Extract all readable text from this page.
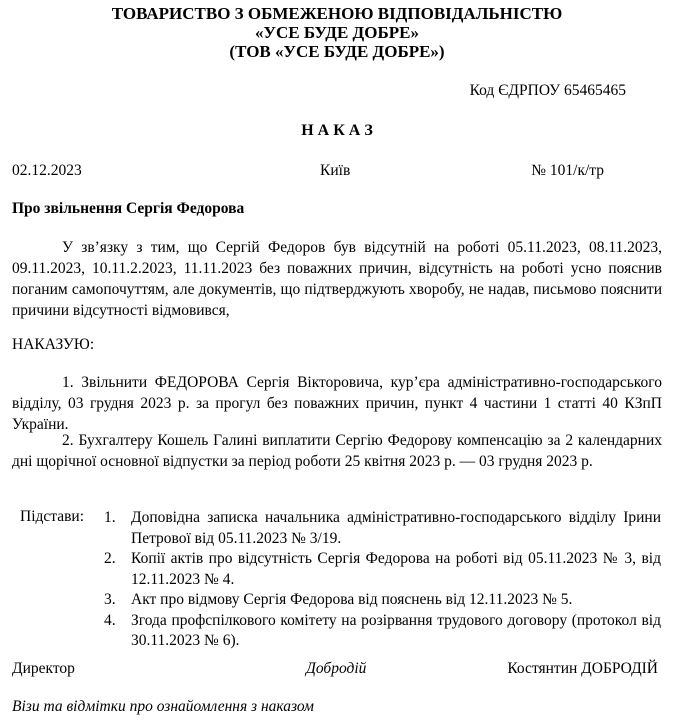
ТОВАРИСТВО З ОБМЕЖЕНОЮ ВІДПОВІДАЛЬНІСТЮ
«УСЕ БУДЕ ДОБРЕ»
(ТОВ «УСЕ БУДЕ ДОБРЕ»)
Код ЄДРПОУ 65465465
Н А К А З
02.12.2023	Київ	№ 101/к/тр
Про звільнення Сергія Федорова
У зв’язку з тим, що Сергій Федоров був відсутній на роботі 05.11.2023, 08.11.2023, 09.11.2023, 10.11.2.2023, 11.11.2023 без поважних причин, відсутність на роботі усно пояснив поганим самопочуттям, але документів, що підтверджують хворобу, не надав, письмово пояснити причини відсутності відмовився,
НАКАЗУЮ:
1. Звільнити ФЕДОРОВА Сергія Вікторовича, кур’єра адміністративно-господарського відділу, 03 грудня 2023 р. за прогул без поважних причин, пункт 4 частини 1 статті 40 КЗпП України.
2. Бухгалтеру Кошель Галині виплатити Сергію Федорову компенсацію за 2 календарних дні щорічної основної відпустки за період роботи 25 квітня 2023 р. — 03 грудня 2023 р.
Підстави: 1. Доповідна записка начальника адміністративно-господарського відділу Ірини Петрової від 05.11.2023 № 3/19.
2. Копії актів про відсутність Сергія Федорова на роботі від 05.11.2023 № 3, від 12.11.2023 № 4.
3. Акт про відмову Сергія Федорова від пояснень від 12.11.2023 № 5.
4. Згода профспілкового комітету на розірвання трудового договору (протокол від 30.11.2023 № 6).
Директор	Добродій	Костянтин ДОБРОДІЙ
Візи та відмітки про ознайомлення з наказом
